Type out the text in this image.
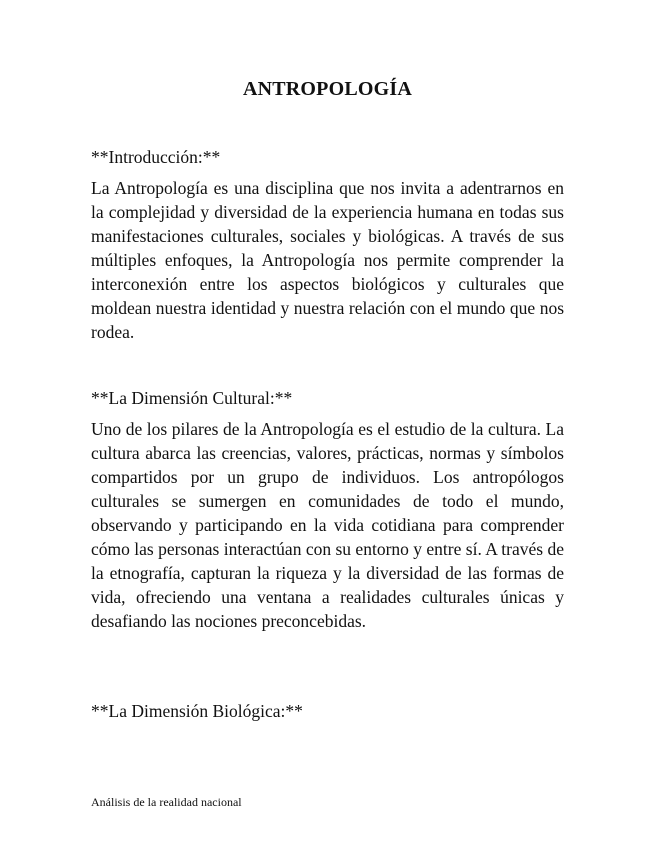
ANTROPOLOGÍA
**Introducción:**
La Antropología es una disciplina que nos invita a adentrarnos en la complejidad y diversidad de la experiencia humana en todas sus manifestaciones culturales, sociales y biológicas. A través de sus múltiples enfoques, la Antropología nos permite comprender la interconexión entre los aspectos biológicos y culturales que moldean nuestra identidad y nuestra relación con el mundo que nos rodea.
**La Dimensión Cultural:**
Uno de los pilares de la Antropología es el estudio de la cultura. La cultura abarca las creencias, valores, prácticas, normas y símbolos compartidos por un grupo de individuos. Los antropólogos culturales se sumergen en comunidades de todo el mundo, observando y participando en la vida cotidiana para comprender cómo las personas interactúan con su entorno y entre sí. A través de la etnografía, capturan la riqueza y la diversidad de las formas de vida, ofreciendo una ventana a realidades culturales únicas y desafiando las nociones preconcebidas.
**La Dimensión Biológica:**
Análisis de la realidad nacional
